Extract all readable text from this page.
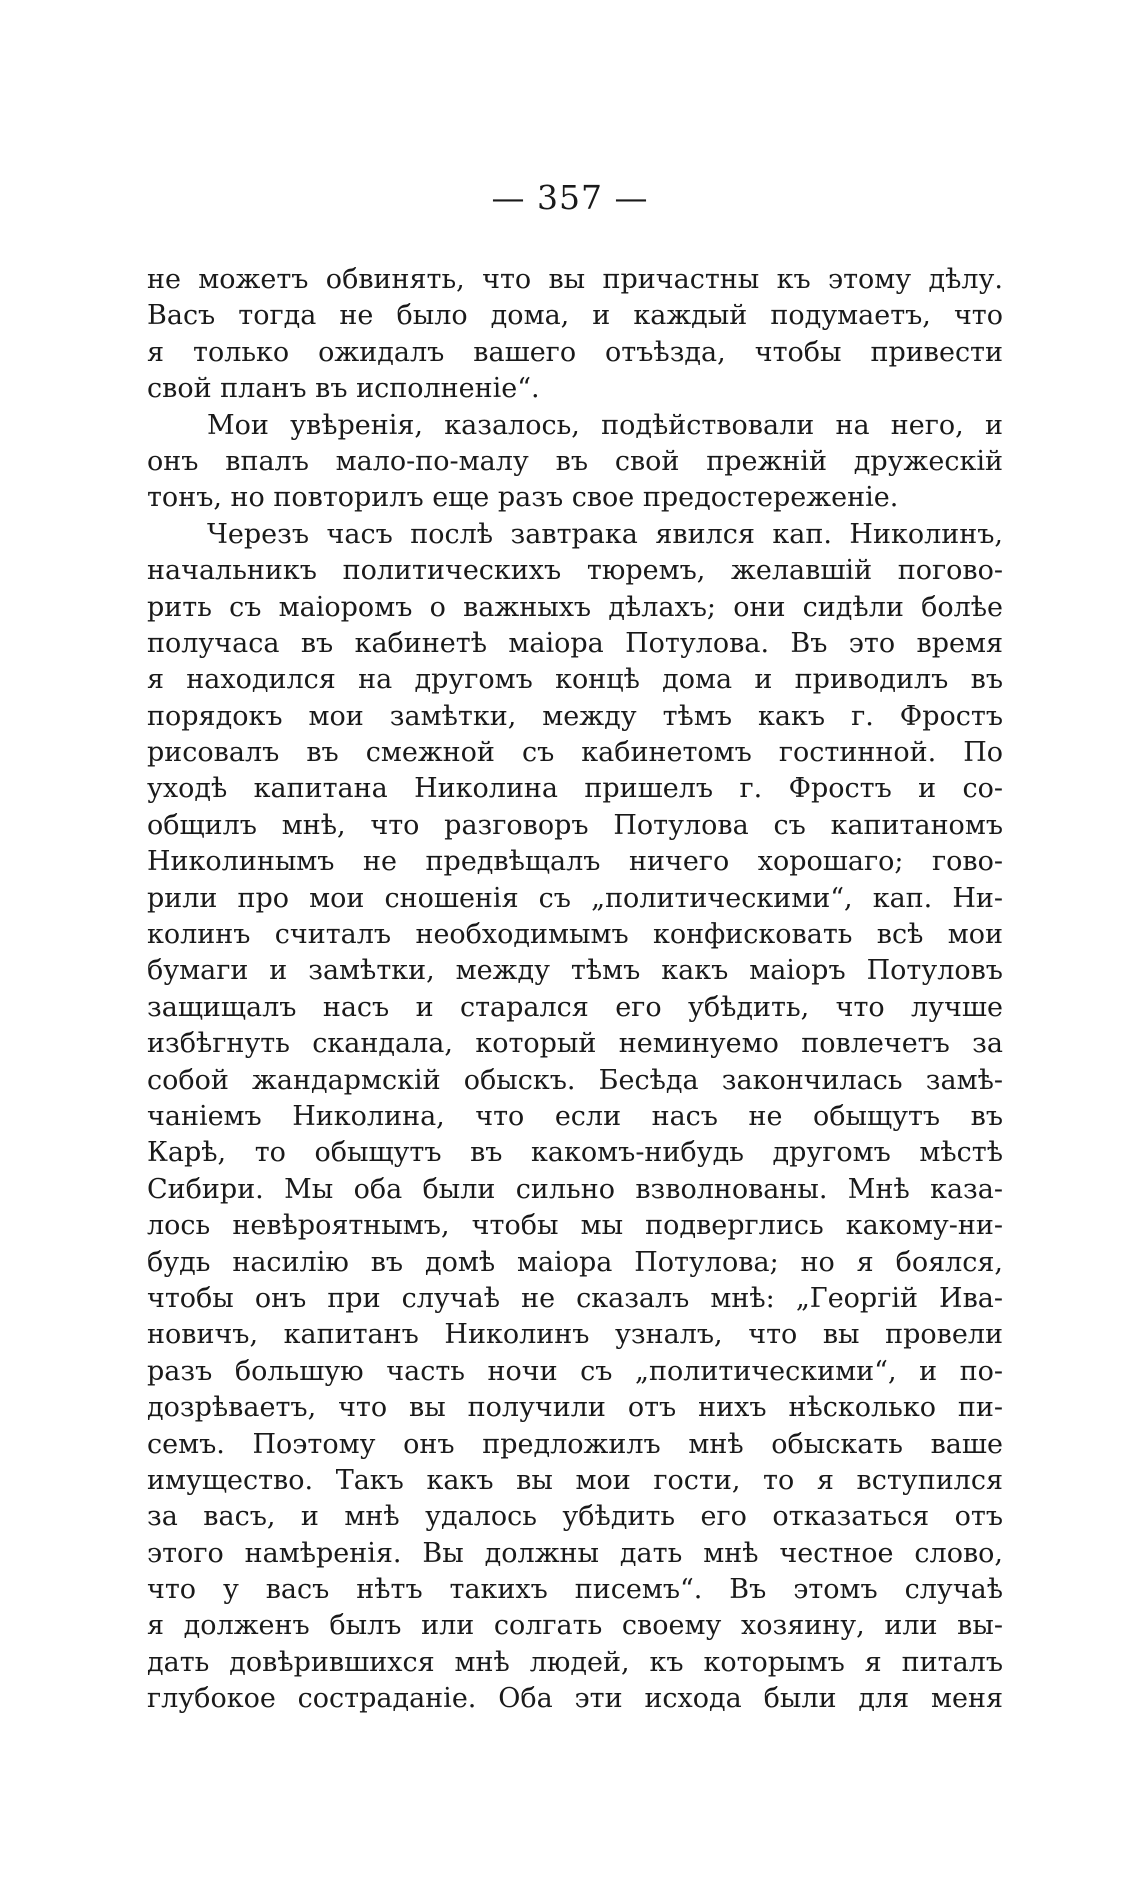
— 357 —
не можетъ обвинять, что вы причастны къ этому дѣлу.
Васъ тогда не было дома, и каждый подумаетъ, что
я только ожидалъ вашего отъѣзда, чтобы привести
свой планъ въ исполненіе“.
Мои увѣренія, казалось, подѣйствовали на него, и
онъ впалъ мало-по-малу въ свой прежній дружескій
тонъ, но повторилъ еще разъ свое предостереженіе.
Черезъ часъ послѣ завтрака явился кап. Николинъ,
начальникъ политическихъ тюремъ, желавшій погово-
рить съ маіоромъ о важныхъ дѣлахъ; они сидѣли болѣе
получаса въ кабинетѣ маіора Потулова. Въ это время
я находился на другомъ концѣ дома и приводилъ въ
порядокъ мои замѣтки, между тѣмъ какъ г. Фростъ
рисовалъ въ смежной съ кабинетомъ гостинной. По
уходѣ капитана Николина пришелъ г. Фростъ и со-
общилъ мнѣ, что разговоръ Потулова съ капитаномъ
Николинымъ не предвѣщалъ ничего хорошаго; гово-
рили про мои сношенія съ „политическими“, кап. Ни-
колинъ считалъ необходимымъ конфисковать всѣ мои
бумаги и замѣтки, между тѣмъ какъ маіоръ Потуловъ
защищалъ насъ и старался его убѣдить, что лучше
избѣгнуть скандала, который неминуемо повлечетъ за
собой жандармскій обыскъ. Бесѣда закончилась замѣ-
чаніемъ Николина, что если насъ не обыщутъ въ
Карѣ, то обыщутъ въ какомъ-нибудь другомъ мѣстѣ
Сибири. Мы оба были сильно взволнованы. Мнѣ каза-
лось невѣроятнымъ, чтобы мы подверглись какому-ни-
будь насилію въ домѣ маіора Потулова; но я боялся,
чтобы онъ при случаѣ не сказалъ мнѣ: „Георгій Ива-
новичъ, капитанъ Николинъ узналъ, что вы провели
разъ большую часть ночи съ „политическими“, и по-
дозрѣваетъ, что вы получили отъ нихъ нѣсколько пи-
семъ. Поэтому онъ предложилъ мнѣ обыскать ваше
имущество. Такъ какъ вы мои гости, то я вступился
за васъ, и мнѣ удалось убѣдить его отказаться отъ
этого намѣренія. Вы должны дать мнѣ честное слово,
что у васъ нѣтъ такихъ писемъ“. Въ этомъ случаѣ
я долженъ былъ или солгать своему хозяину, или вы-
дать довѣрившихся мнѣ людей, къ которымъ я питалъ
глубокое состраданіе. Оба эти исхода были для меня
